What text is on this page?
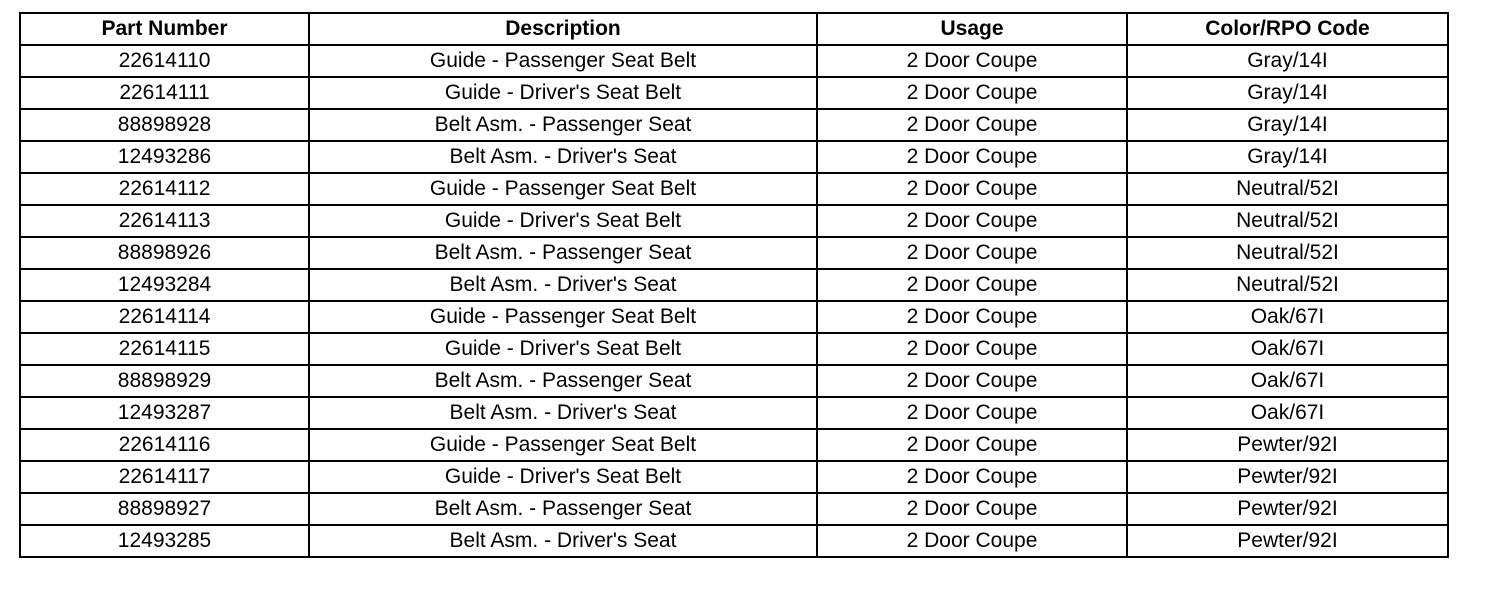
Part Number	Description	Usage	Color/RPO Code
22614110	Guide - Passenger Seat Belt	2 Door Coupe	Gray/14I
22614111	Guide - Driver's Seat Belt	2 Door Coupe	Gray/14I
88898928	Belt Asm. - Passenger Seat	2 Door Coupe	Gray/14I
12493286	Belt Asm. - Driver's Seat	2 Door Coupe	Gray/14I
22614112	Guide - Passenger Seat Belt	2 Door Coupe	Neutral/52I
22614113	Guide - Driver's Seat Belt	2 Door Coupe	Neutral/52I
88898926	Belt Asm. - Passenger Seat	2 Door Coupe	Neutral/52I
12493284	Belt Asm. - Driver's Seat	2 Door Coupe	Neutral/52I
22614114	Guide - Passenger Seat Belt	2 Door Coupe	Oak/67I
22614115	Guide - Driver's Seat Belt	2 Door Coupe	Oak/67I
88898929	Belt Asm. - Passenger Seat	2 Door Coupe	Oak/67I
12493287	Belt Asm. - Driver's Seat	2 Door Coupe	Oak/67I
22614116	Guide - Passenger Seat Belt	2 Door Coupe	Pewter/92I
22614117	Guide - Driver's Seat Belt	2 Door Coupe	Pewter/92I
88898927	Belt Asm. - Passenger Seat	2 Door Coupe	Pewter/92I
12493285	Belt Asm. - Driver's Seat	2 Door Coupe	Pewter/92I
